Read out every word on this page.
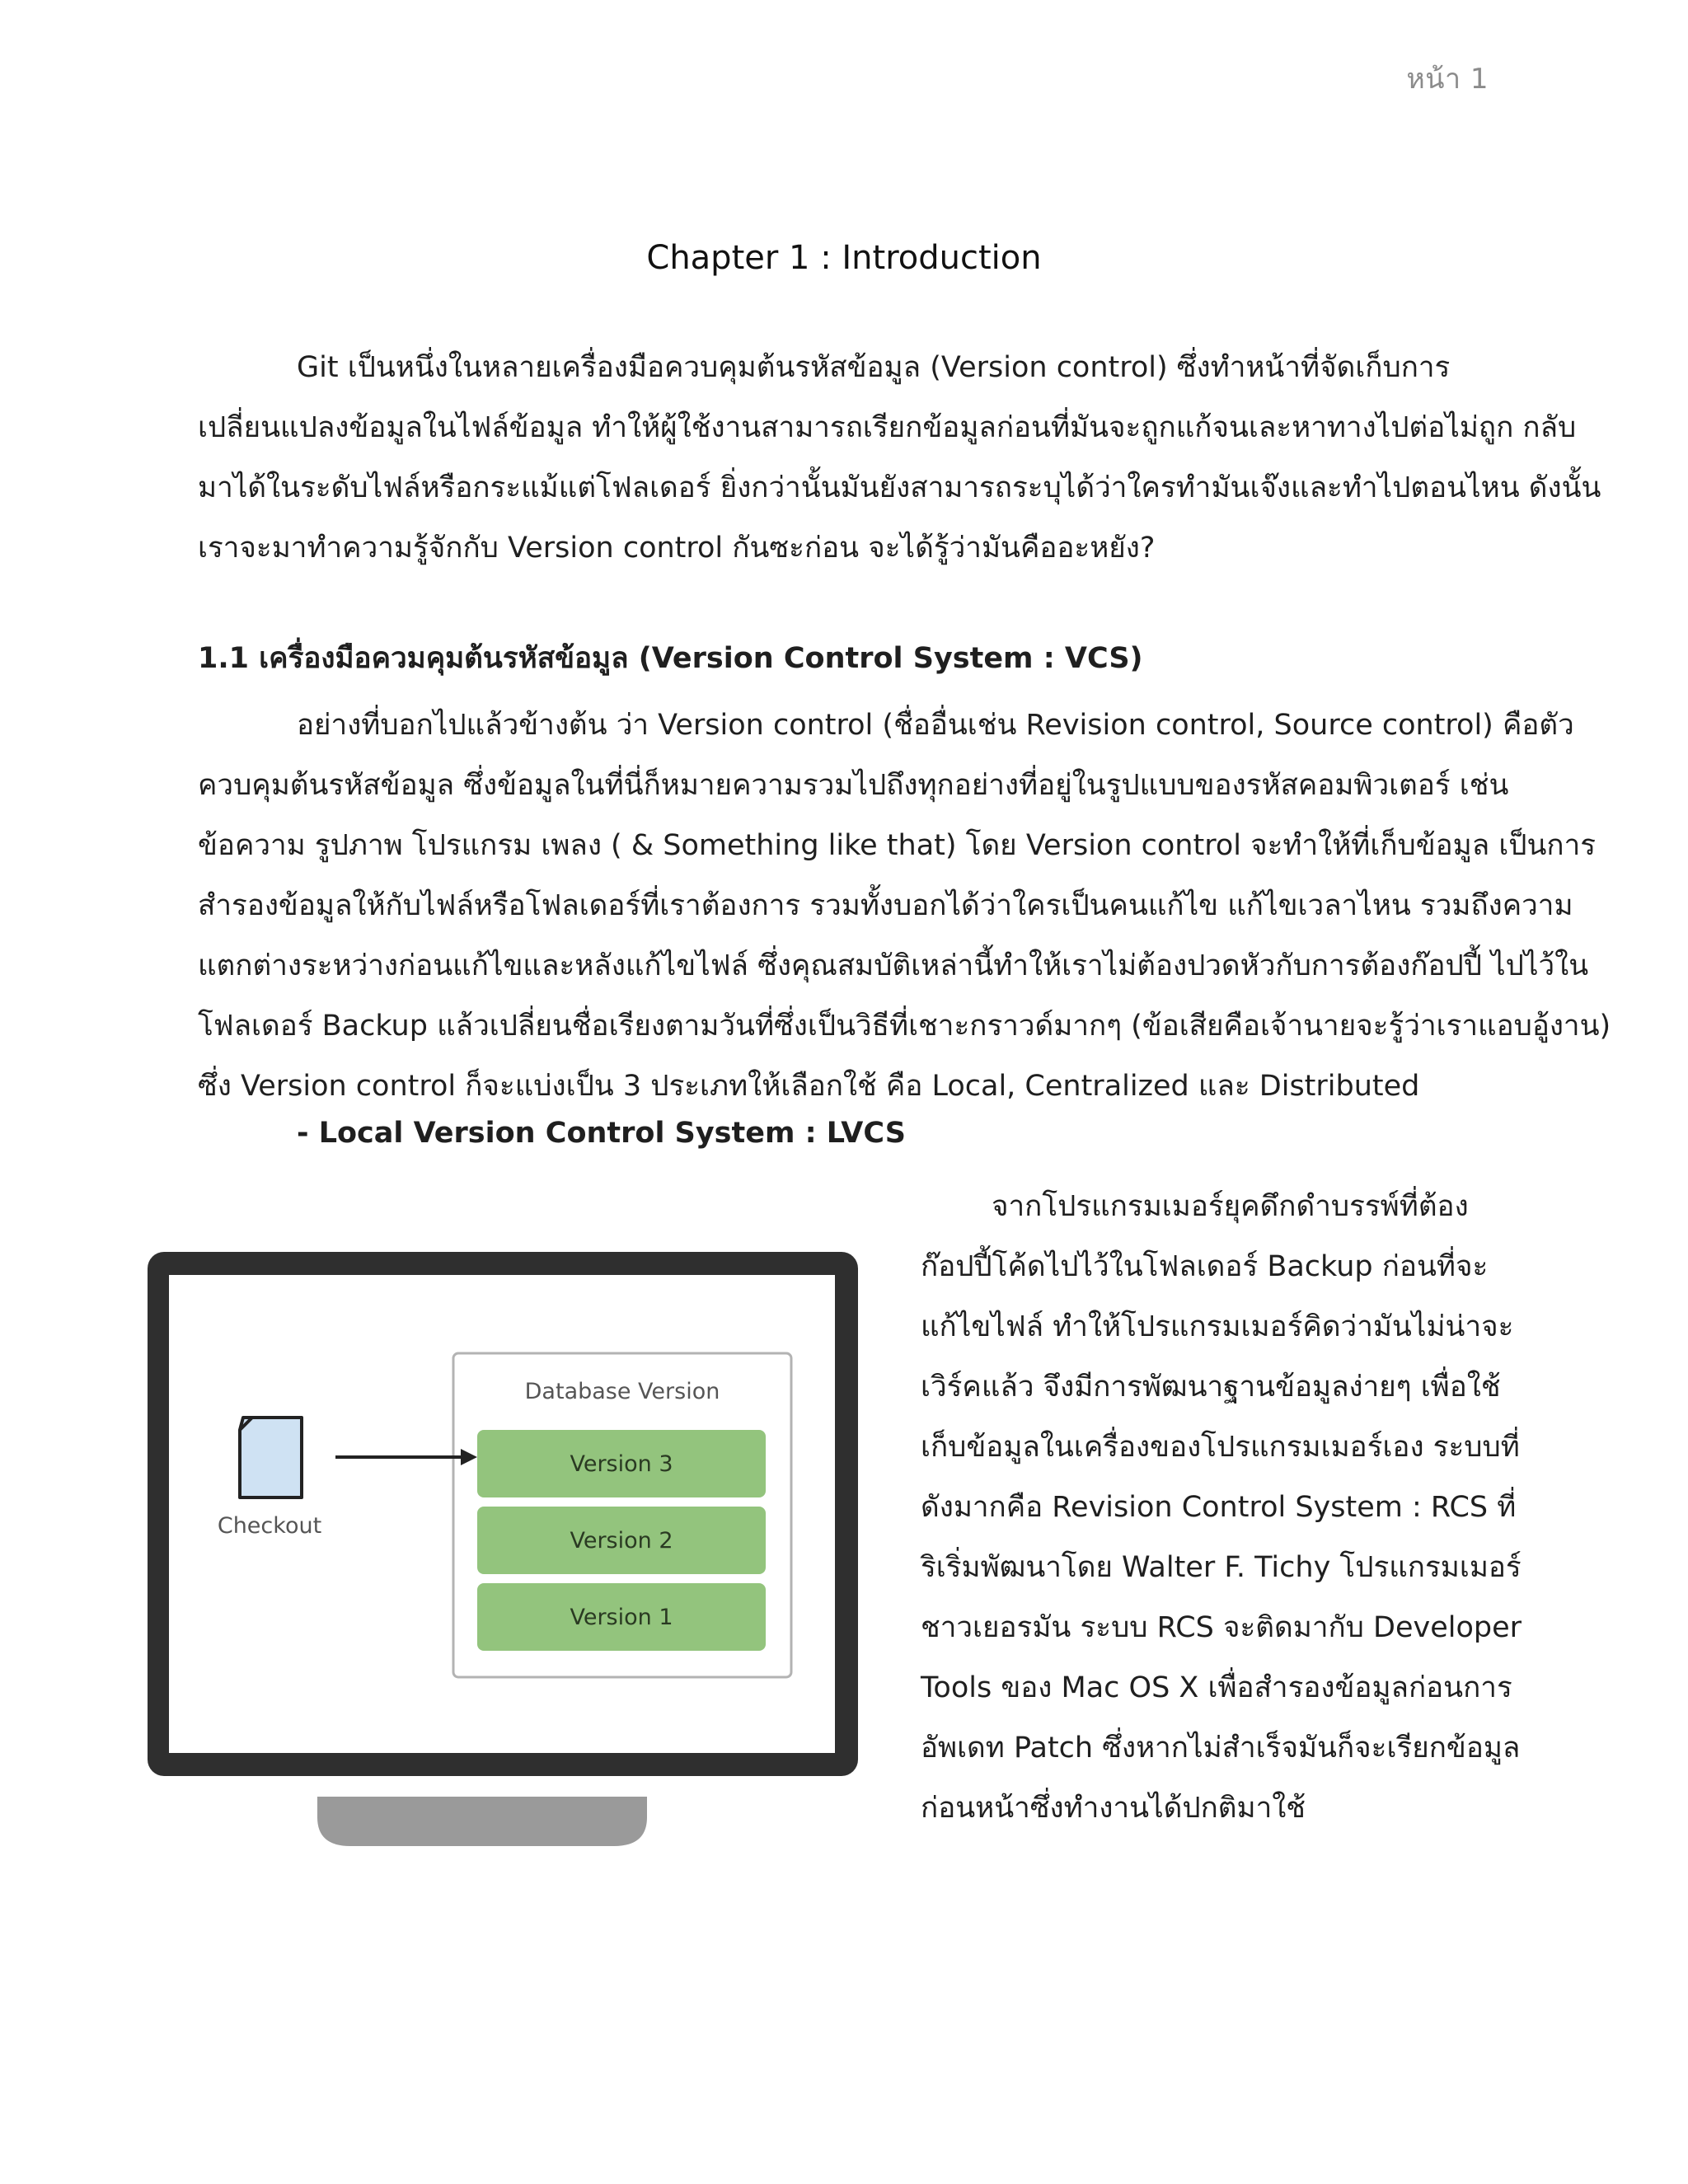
หน้า 1
Chapter 1 : Introduction
Git เป็นหนึ่งในหลายเครื่องมือควบคุมต้นรหัสข้อมูล (Version control) ซึ่งทำหน้าที่จัดเก็บการ
เปลี่ยนแปลงข้อมูลในไฟล์ข้อมูล ทำให้ผู้ใช้งานสามารถเรียกข้อมูลก่อนที่มันจะถูกแก้จนเละหาทางไปต่อไม่ถูก กลับ
มาได้ในระดับไฟล์หรือกระแม้แต่โฟลเดอร์ ยิ่งกว่านั้นมันยังสามารถระบุได้ว่าใครทำมันเจ๊งและทำไปตอนไหน ดังนั้น
เราจะมาทำความรู้จักกับ Version control กันซะก่อน จะได้รู้ว่ามันคืออะหยัง?
1.1 เครื่องมือควมคุมต้นรหัสข้อมูล (Version Control System : VCS)
อย่างที่บอกไปแล้วข้างต้น ว่า Version control (ชื่ออื่นเช่น Revision control, Source control) คือตัว
ควบคุมต้นรหัสข้อมูล ซึ่งข้อมูลในที่นี่ก็หมายความรวมไปถึงทุกอย่างที่อยู่ในรูปแบบของรหัสคอมพิวเตอร์ เช่น
ข้อความ รูปภาพ โปรแกรม เพลง ( & Something like that) โดย Version control จะทำให้ที่เก็บข้อมูล เป็นการ
สำรองข้อมูลให้กับไฟล์หรือโฟลเดอร์ที่เราต้องการ รวมทั้งบอกได้ว่าใครเป็นคนแก้ไข แก้ไขเวลาไหน รวมถึงความ
แตกต่างระหว่างก่อนแก้ไขและหลังแก้ไขไฟล์ ซึ่งคุณสมบัติเหล่านี้ทำให้เราไม่ต้องปวดหัวกับการต้องก๊อปปี้ ไปไว้ใน
โฟลเดอร์ Backup แล้วเปลี่ยนชื่อเรียงตามวันที่ซึ่งเป็นวิธีที่เชาะกราวด์มากๆ (ข้อเสียคือเจ้านายจะรู้ว่าเราแอบอู้งาน)
ซึ่ง Version control ก็จะแบ่งเป็น 3 ประเภทให้เลือกใช้ คือ Local, Centralized และ Distributed
- Local Version Control System : LVCS
Database Version
Version 3
Version 2
Version 1
Checkout
จากโปรแกรมเมอร์ยุคดึกดำบรรพ์ที่ต้อง
ก๊อปปี้โค้ดไปไว้ในโฟลเดอร์ Backup ก่อนที่จะ
แก้ไขไฟล์ ทำให้โปรแกรมเมอร์คิดว่ามันไม่น่าจะ
เวิร์คแล้ว จึงมีการพัฒนาฐานข้อมูลง่ายๆ เพื่อใช้
เก็บข้อมูลในเครื่องของโปรแกรมเมอร์เอง ระบบที่
ดังมากคือ Revision Control System : RCS ที่
ริเริ่มพัฒนาโดย Walter F. Tichy โปรแกรมเมอร์
ชาวเยอรมัน ระบบ RCS จะติดมากับ Developer
Tools ของ Mac OS X เพื่อสำรองข้อมูลก่อนการ
อัพเดท Patch ซึ่งหากไม่สำเร็จมันก็จะเรียกข้อมูล
ก่อนหน้าซึ่งทำงานได้ปกติมาใช้
